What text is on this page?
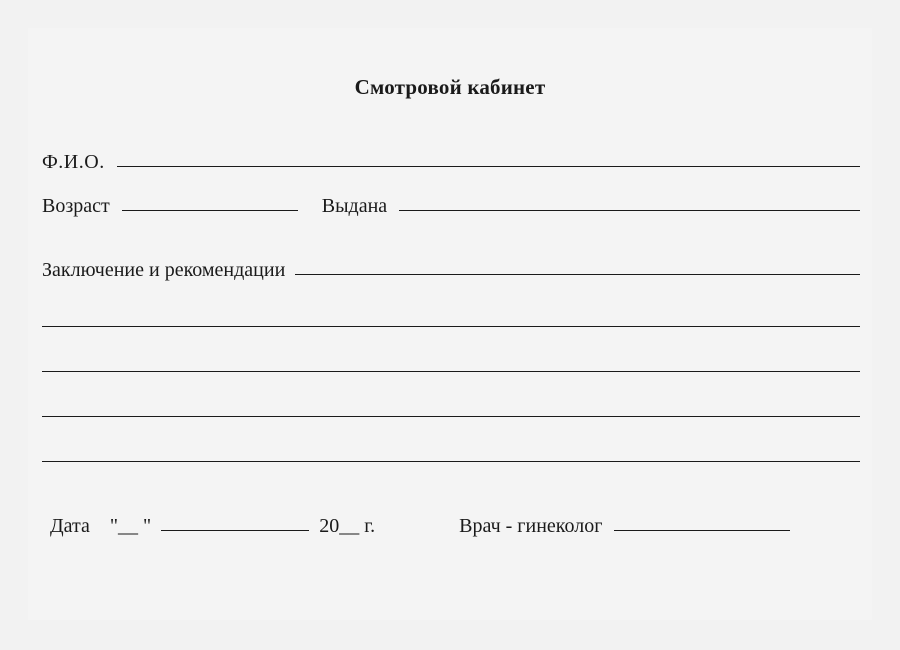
Смотровой кабинет
Ф.И.О.
Возраст	Выдана
Заключение и рекомендации
Дата "__ "	20__ г.	Врач - гинеколог
